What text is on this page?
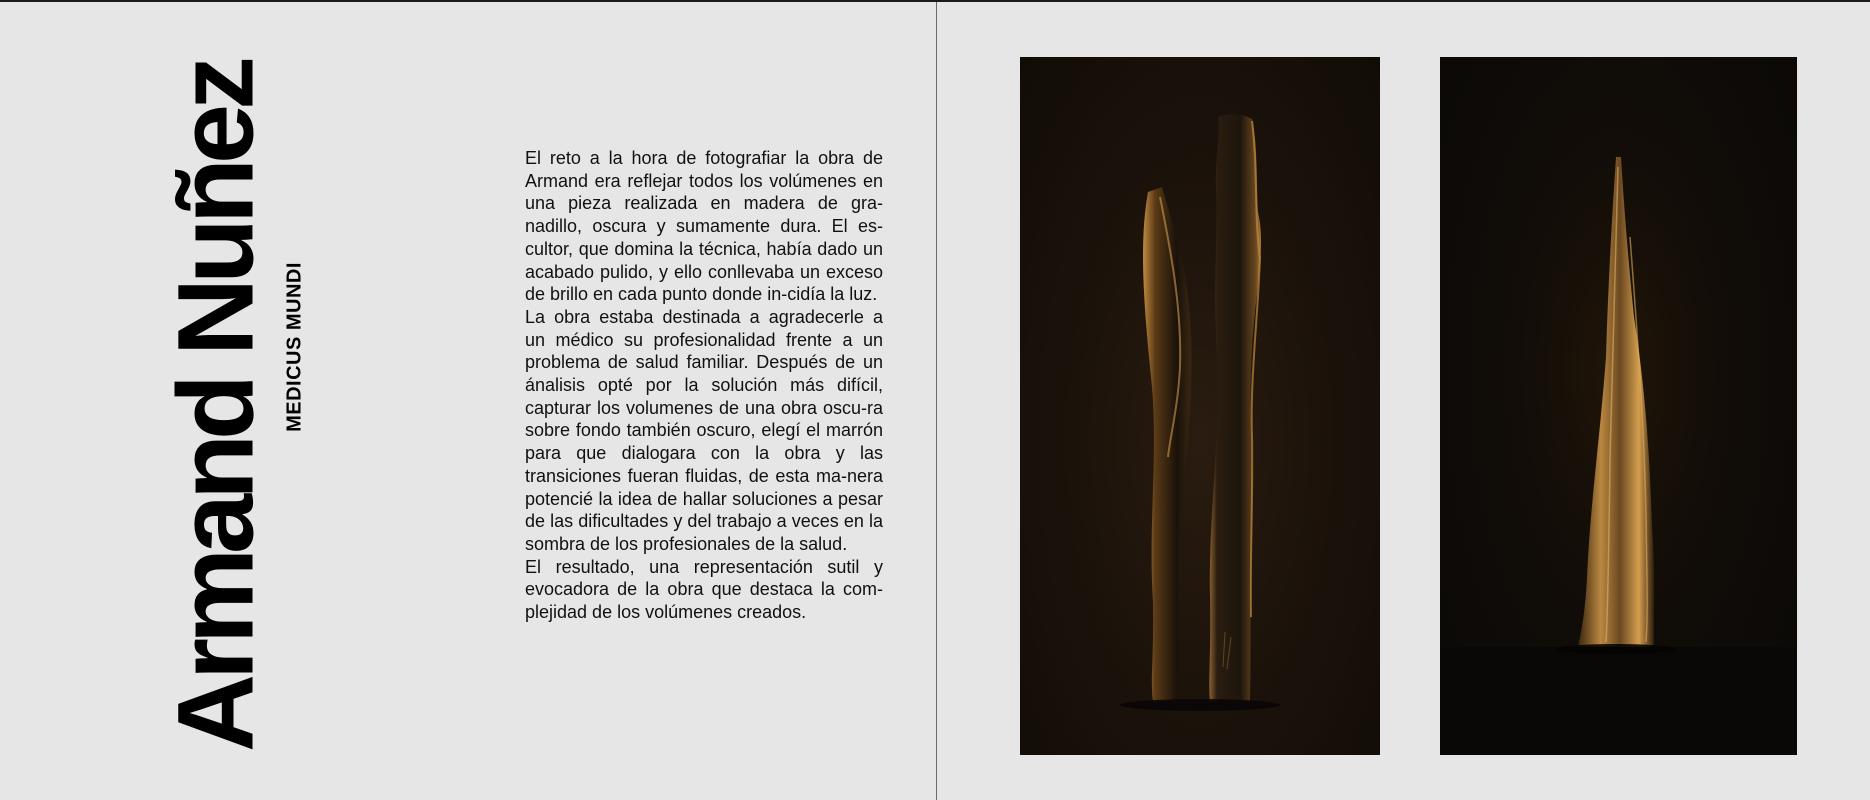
Armand Nuñez MEDICUS MUNDI

El reto a la hora de fotografiar la obra de Armand era reflejar todos los volúmenes en una pieza realizada en madera de gra-nadillo, oscura y sumamente dura. El es-cultor, que domina la técnica, había dado un acabado pulido, y ello conllevaba un exceso de brillo en cada punto donde in-cidía la luz.

La obra estaba destinada a agradecerle a un médico su profesionalidad frente a un problema de salud familiar. Después de un ánalisis opté por la solución más difícil, capturar los volumenes de una obra oscu-ra sobre fondo también oscuro, elegí el marrón para que dialogara con la obra y las transiciones fueran fluidas, de esta ma-nera potencié la idea de hallar soluciones a pesar de las dificultades y del trabajo a veces en la sombra de los profesionales de la salud.

El resultado, una representación sutil y evocadora de la obra que destaca la com-plejidad de los volúmenes creados.
